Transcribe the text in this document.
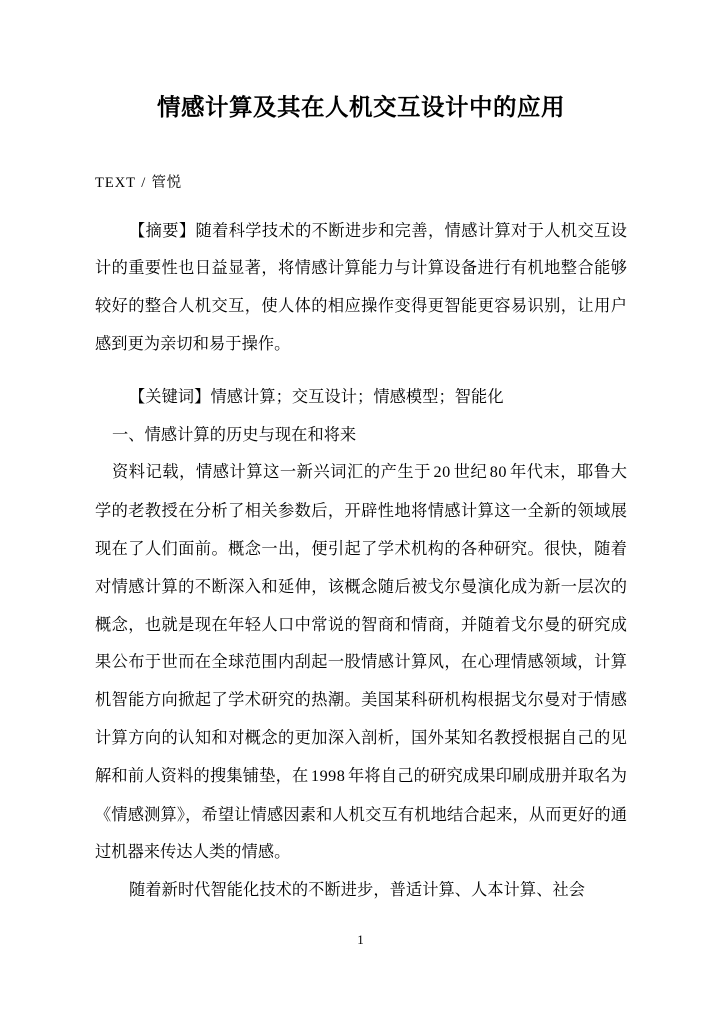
情感计算及其在人机交互设计中的应用

TEXT / 管悦

【摘要】随着科学技术的不断进步和完善，情感计算对于人机交互设计的重要性也日益显著，将情感计算能力与计算设备进行有机地整合能够较好的整合人机交互，使人体的相应操作变得更智能更容易识别，让用户感到更为亲切和易于操作。

【关键词】情感计算；交互设计；情感模型；智能化

一、情感计算的历史与现在和将来

资料记载，情感计算这一新兴词汇的产生于 20 世纪 80 年代末，耶鲁大学的老教授在分析了相关参数后，开辟性地将情感计算这一全新的领域展现在了人们面前。概念一出，便引起了学术机构的各种研究。很快，随着对情感计算的不断深入和延伸，该概念随后被戈尔曼演化成为新一层次的概念，也就是现在年轻人口中常说的智商和情商，并随着戈尔曼的研究成果公布于世而在全球范围内刮起一股情感计算风，在心理情感领域，计算机智能方向掀起了学术研究的热潮。美国某科研机构根据戈尔曼对于情感计算方向的认知和对概念的更加深入剖析，国外某知名教授根据自己的见解和前人资料的搜集铺垫，在 1998 年将自己的研究成果印刷成册并取名为《情感测算》，希望让情感因素和人机交互有机地结合起来，从而更好的通过机器来传达人类的情感。

随着新时代智能化技术的不断进步，普适计算、人本计算、社会

1
